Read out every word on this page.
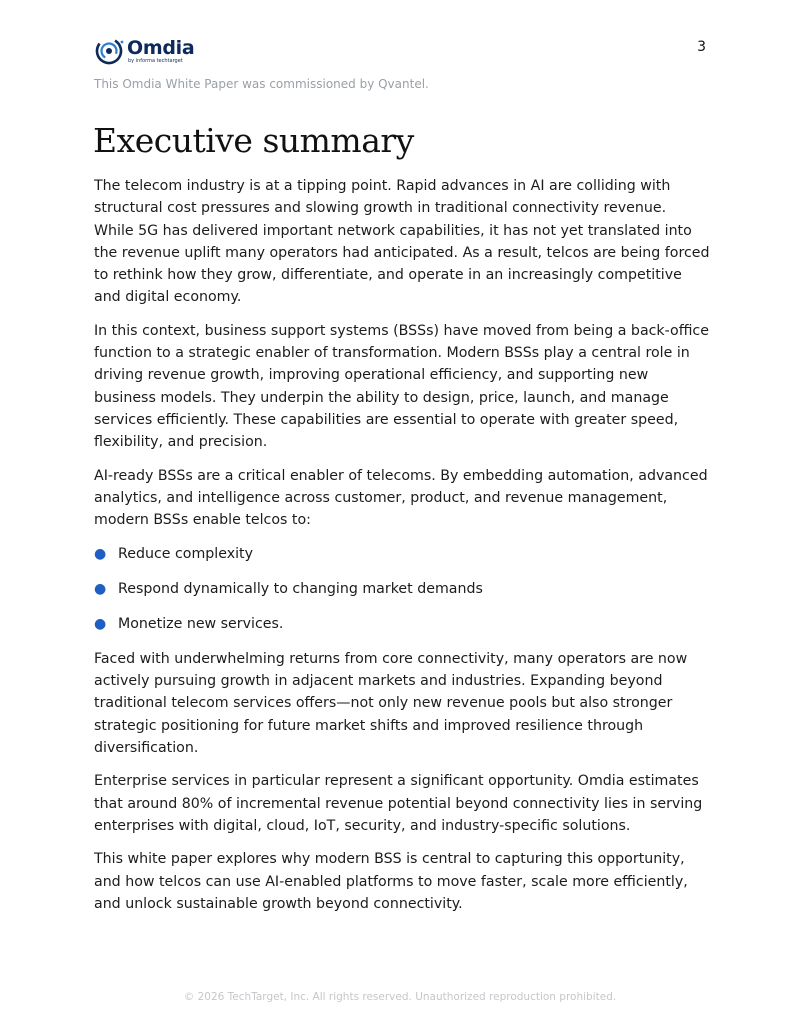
Omdia
by informa techtarget
3
This Omdia White Paper was commissioned by Qvantel.
Executive summary

The telecom industry is at a tipping point. Rapid advances in AI are colliding with structural cost pressures and slowing growth in traditional connectivity revenue. While 5G has delivered important network capabilities, it has not yet translated into the revenue uplift many operators had anticipated. As a result, telcos are being forced to rethink how they grow, differentiate, and operate in an increasingly competitive and digital economy.

In this context, business support systems (BSSs) have moved from being a back-office function to a strategic enabler of transformation. Modern BSSs play a central role in driving revenue growth, improving operational efficiency, and supporting new business models. They underpin the ability to design, price, launch, and manage services efficiently. These capabilities are essential to operate with greater speed, flexibility, and precision.

AI-ready BSSs are a critical enabler of telecoms. By embedding automation, advanced analytics, and intelligence across customer, product, and revenue management, modern BSSs enable telcos to:

● Reduce complexity
● Respond dynamically to changing market demands
● Monetize new services.

Faced with underwhelming returns from core connectivity, many operators are now actively pursuing growth in adjacent markets and industries. Expanding beyond traditional telecom services offers—not only new revenue pools but also stronger strategic positioning for future market shifts and improved resilience through diversification.

Enterprise services in particular represent a significant opportunity. Omdia estimates that around 80% of incremental revenue potential beyond connectivity lies in serving enterprises with digital, cloud, IoT, security, and industry-specific solutions.

This white paper explores why modern BSS is central to capturing this opportunity, and how telcos can use AI-enabled platforms to move faster, scale more efficiently, and unlock sustainable growth beyond connectivity.

© 2026 TechTarget, Inc. All rights reserved. Unauthorized reproduction prohibited.
